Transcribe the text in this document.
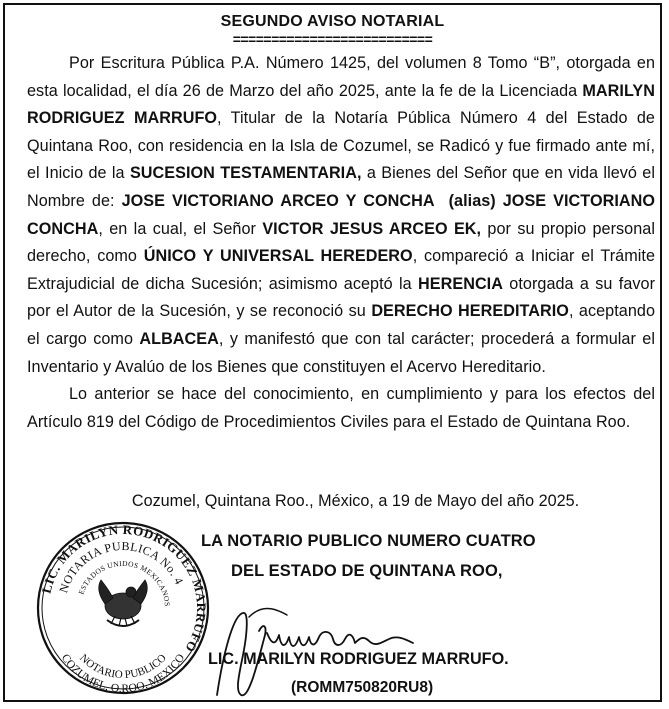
SEGUNDO AVISO NOTARIAL
==========================

Por Escritura Pública P.A. Número 1425, del volumen 8 Tomo “B”, otorgada en esta localidad, el día 26 de Marzo del año 2025, ante la fe de la Licenciada MARILYN RODRIGUEZ MARRUFO, Titular de la Notaría Pública Número 4 del Estado de Quintana Roo, con residencia en la Isla de Cozumel, se Radicó y fue firmado ante mí, el Inicio de la SUCESION TESTAMENTARIA, a Bienes del Señor que en vida llevó el Nombre de: JOSE VICTORIANO ARCEO Y CONCHA (alias) JOSE VICTORIANO CONCHA, en la cual, el Señor VICTOR JESUS ARCEO EK, por su propio personal derecho, como ÚNICO Y UNIVERSAL HEREDERO, compareció a Iniciar el Trámite Extrajudicial de dicha Sucesión; asimismo aceptó la HERENCIA otorgada a su favor por el Autor de la Sucesión, y se reconoció su DERECHO HEREDITARIO, aceptando el cargo como ALBACEA, y manifestó que con tal carácter; procederá a formular el Inventario y Avalúo de los Bienes que constituyen el Acervo Hereditario.

Lo anterior se hace del conocimiento, en cumplimiento y para los efectos del Artículo 819 del Código de Procedimientos Civiles para el Estado de Quintana Roo.

Cozumel, Quintana Roo., México, a 19 de Mayo del año 2025.
LA NOTARIO PUBLICO NUMERO CUATRO
DEL ESTADO DE QUINTANA ROO,
LIC. MARILYN RODRIGUEZ MARRUFO
NOTARIA PUBLICA No. 4
ESTADOS UNIDOS MEXICANOS
NOTARIO PUBLICO
COZUMEL, Q.ROO. MEXICO LIC. MARILYN RODRIGUEZ MARRUFO.
(ROMM750820RU8)
